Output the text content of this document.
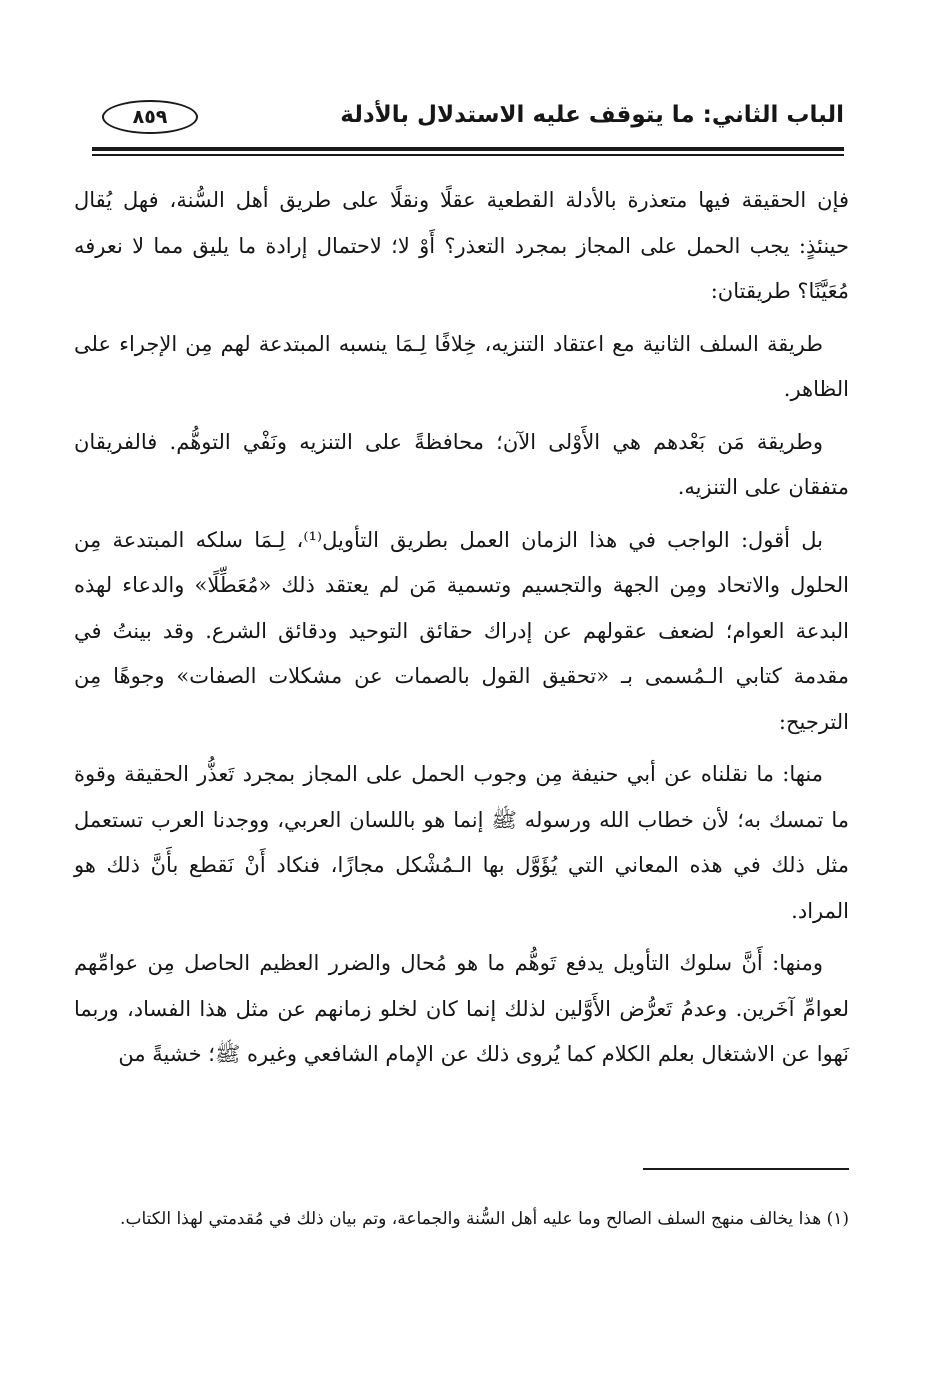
الباب الثاني: ما يتوقف عليه الاستدلال بالأدلة
٨٥٩

فإن الحقيقة فيها متعذرة بالأدلة القطعية عقلًا ونقلًا على طريق أهل السُّنة، فهل يُقال حينئذٍ: يجب الحمل على المجاز بمجرد التعذر؟ أَوْ لا؛ لاحتمال إرادة ما يليق مما لا نعرفه مُعَيَّنًا؟ طريقتان:

طريقة السلف الثانية مع اعتقاد التنزيه، خِلافًا لِـمَا ينسبه المبتدعة لهم مِن الإجراء على الظاهر.

وطريقة مَن بَعْدهم هي الأَوْلى الآن؛ محافظةً على التنزيه ونَفْي التوهُّم. فالفريقان متفقان على التنزيه.

بل أقول: الواجب في هذا الزمان العمل بطريق التأويل⁽¹⁾، لِـمَا سلكه المبتدعة مِن الحلول والاتحاد ومِن الجهة والتجسيم وتسمية مَن لم يعتقد ذلك «مُعَطِّلًا» والدعاء لهذه البدعة العوام؛ لضعف عقولهم عن إدراك حقائق التوحيد ودقائق الشرع. وقد بينتُ في مقدمة كتابي الـمُسمى بـ «تحقيق القول بالصمات عن مشكلات الصفات» وجوهًا مِن الترجيح:

منها: ما نقلناه عن أبي حنيفة مِن وجوب الحمل على المجاز بمجرد تَعذُّر الحقيقة وقوة ما تمسك به؛ لأن خطاب الله ورسوله ﷺ إنما هو باللسان العربي، ووجدنا العرب تستعمل مثل ذلك في هذه المعاني التي يُؤَوَّل بها الـمُشْكل مجازًا، فنكاد أَنْ نَقطع بأَنَّ ذلك هو المراد.

ومنها: أَنَّ سلوك التأويل يدفع تَوهُّم ما هو مُحال والضرر العظيم الحاصل مِن عوامِّهم لعوامِّ آخَرين. وعدمُ تَعرُّض الأَوَّلين لذلك إنما كان لخلو زمانهم عن مثل هذا الفساد، وربما نَهوا عن الاشتغال بعلم الكلام كما يُروى ذلك عن الإمام الشافعي وغيره ﷺ؛ خشيةً من

(١) هذا يخالف منهج السلف الصالح وما عليه أهل السُّنة والجماعة، وتم بيان ذلك في مُقدمتي لهذا الكتاب.
